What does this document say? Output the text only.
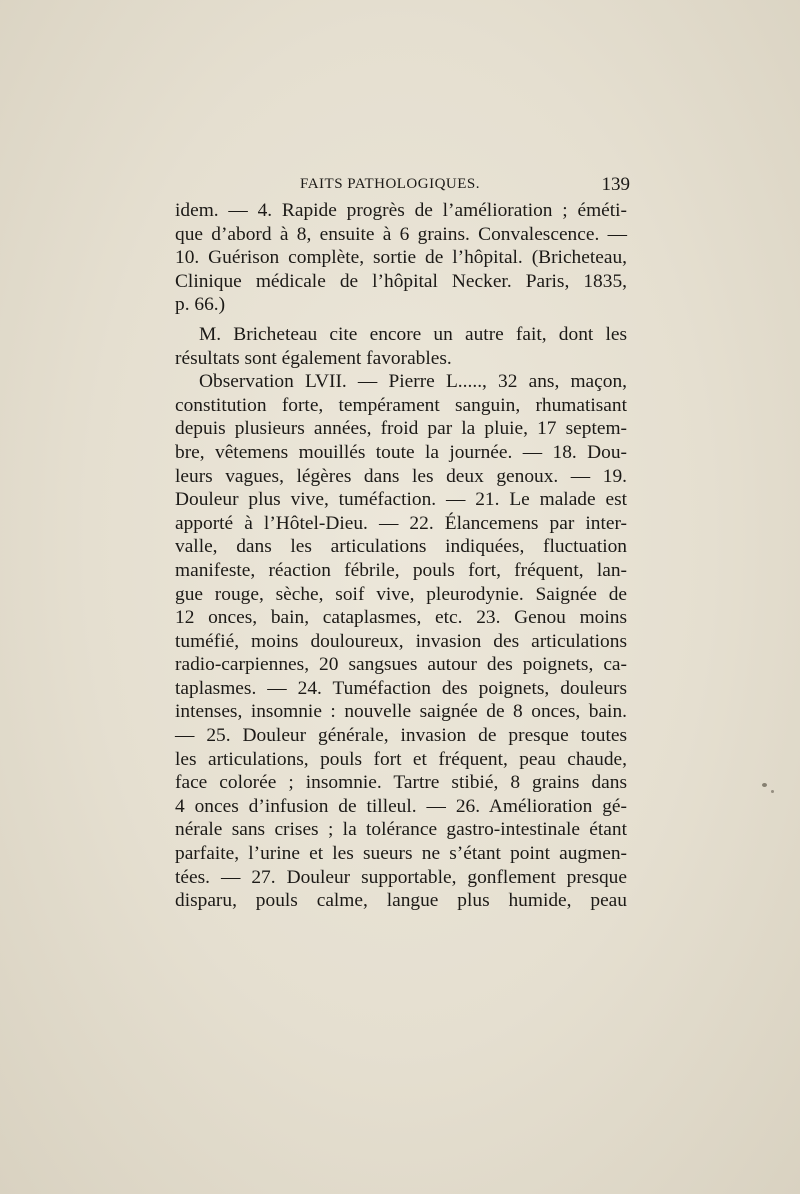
FAITS PATHOLOGIQUES.	139
idem. — 4. Rapide progrès de l’amélioration ; éméti-
que d’abord à 8, ensuite à 6 grains. Convalescence. —
10. Guérison complète, sortie de l’hôpital. (Bricheteau,
Clinique médicale de l’hôpital Necker. Paris, 1835,
p. 66.)
M. Bricheteau cite encore un autre fait, dont les
résultats sont également favorables.
Observation LVII. — Pierre L....., 32 ans, maçon,
constitution forte, tempérament sanguin, rhumatisant
depuis plusieurs années, froid par la pluie, 17 septem-
bre, vêtemens mouillés toute la journée. — 18. Dou-
leurs vagues, légères dans les deux genoux. — 19.
Douleur plus vive, tuméfaction. — 21. Le malade est
apporté à l’Hôtel-Dieu. — 22. Élancemens par inter-
valle, dans les articulations indiquées, fluctuation
manifeste, réaction fébrile, pouls fort, fréquent, lan-
gue rouge, sèche, soif vive, pleurodynie. Saignée de
12 onces, bain, cataplasmes, etc. 23. Genou moins
tuméfié, moins douloureux, invasion des articulations
radio-carpiennes, 20 sangsues autour des poignets, ca-
taplasmes. — 24. Tuméfaction des poignets, douleurs
intenses, insomnie : nouvelle saignée de 8 onces, bain.
— 25. Douleur générale, invasion de presque toutes
les articulations, pouls fort et fréquent, peau chaude,
face colorée ; insomnie. Tartre stibié, 8 grains dans
4 onces d’infusion de tilleul. — 26. Amélioration gé-
nérale sans crises ; la tolérance gastro-intestinale étant
parfaite, l’urine et les sueurs ne s’étant point augmen-
tées. — 27. Douleur supportable, gonflement presque
disparu, pouls calme, langue plus humide, peau
